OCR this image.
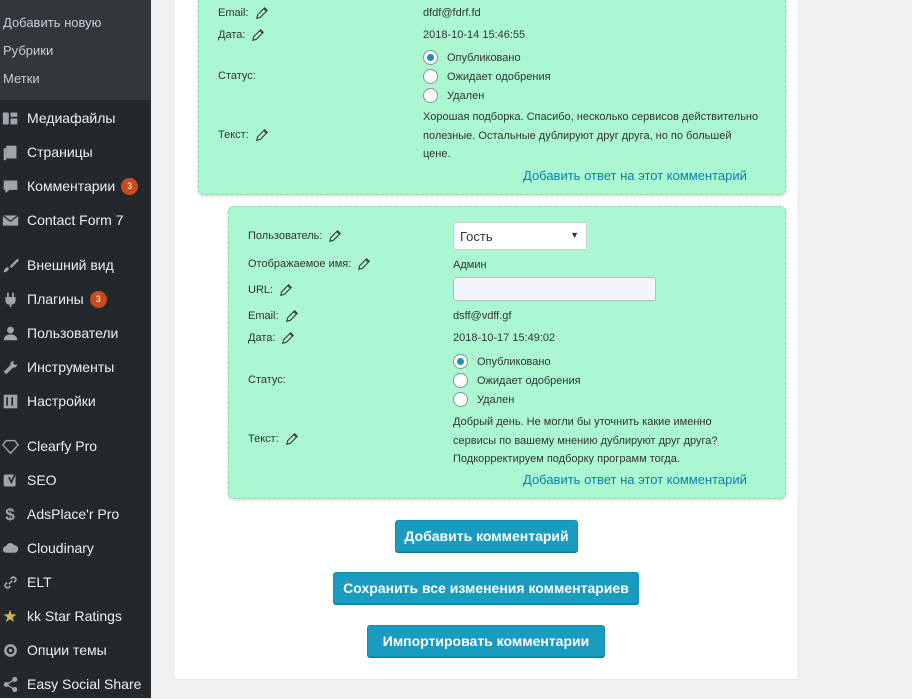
Добавить новую
Рубрики
Метки
Медиафайлы
Страницы
Комментарии	3
Contact Form 7
Внешний вид
Плагины	3
Пользователи
Инструменты
Настройки
Clearfy Pro
SEO
$ AdsPlace'r Pro
Cloudinary
ELT
★ kk Star Ratings
Опции темы
Easy Social Share
Email:	dfdf@fdrf.fd
Дата:	2018-10-14 15:46:55
Статус:
Опубликовано
Ожидает одобрения
Удален
Текст:
Хорошая подборка. Спасибо, несколько сервисов действительно
полезные. Остальные дублируют друг друга, но по большей
цене.
Добавить ответ на этот комментарий
Пользователь:	Гость	▼
Отображаемое имя:	Админ
URL:
Email:	dsff@vdff.gf
Дата:	2018-10-17 15:49:02
Статус:
Опубликовано
Ожидает одобрения
Удален
Текст:
Добрый день. Не могли бы уточнить какие именно
сервисы по вашему мнению дублируют друг друга?
Подкорректируем подборку программ тогда.
Добавить ответ на этот комментарий
Добавить комментарий
Сохранить все изменения комментариев
Импортировать комментарии
